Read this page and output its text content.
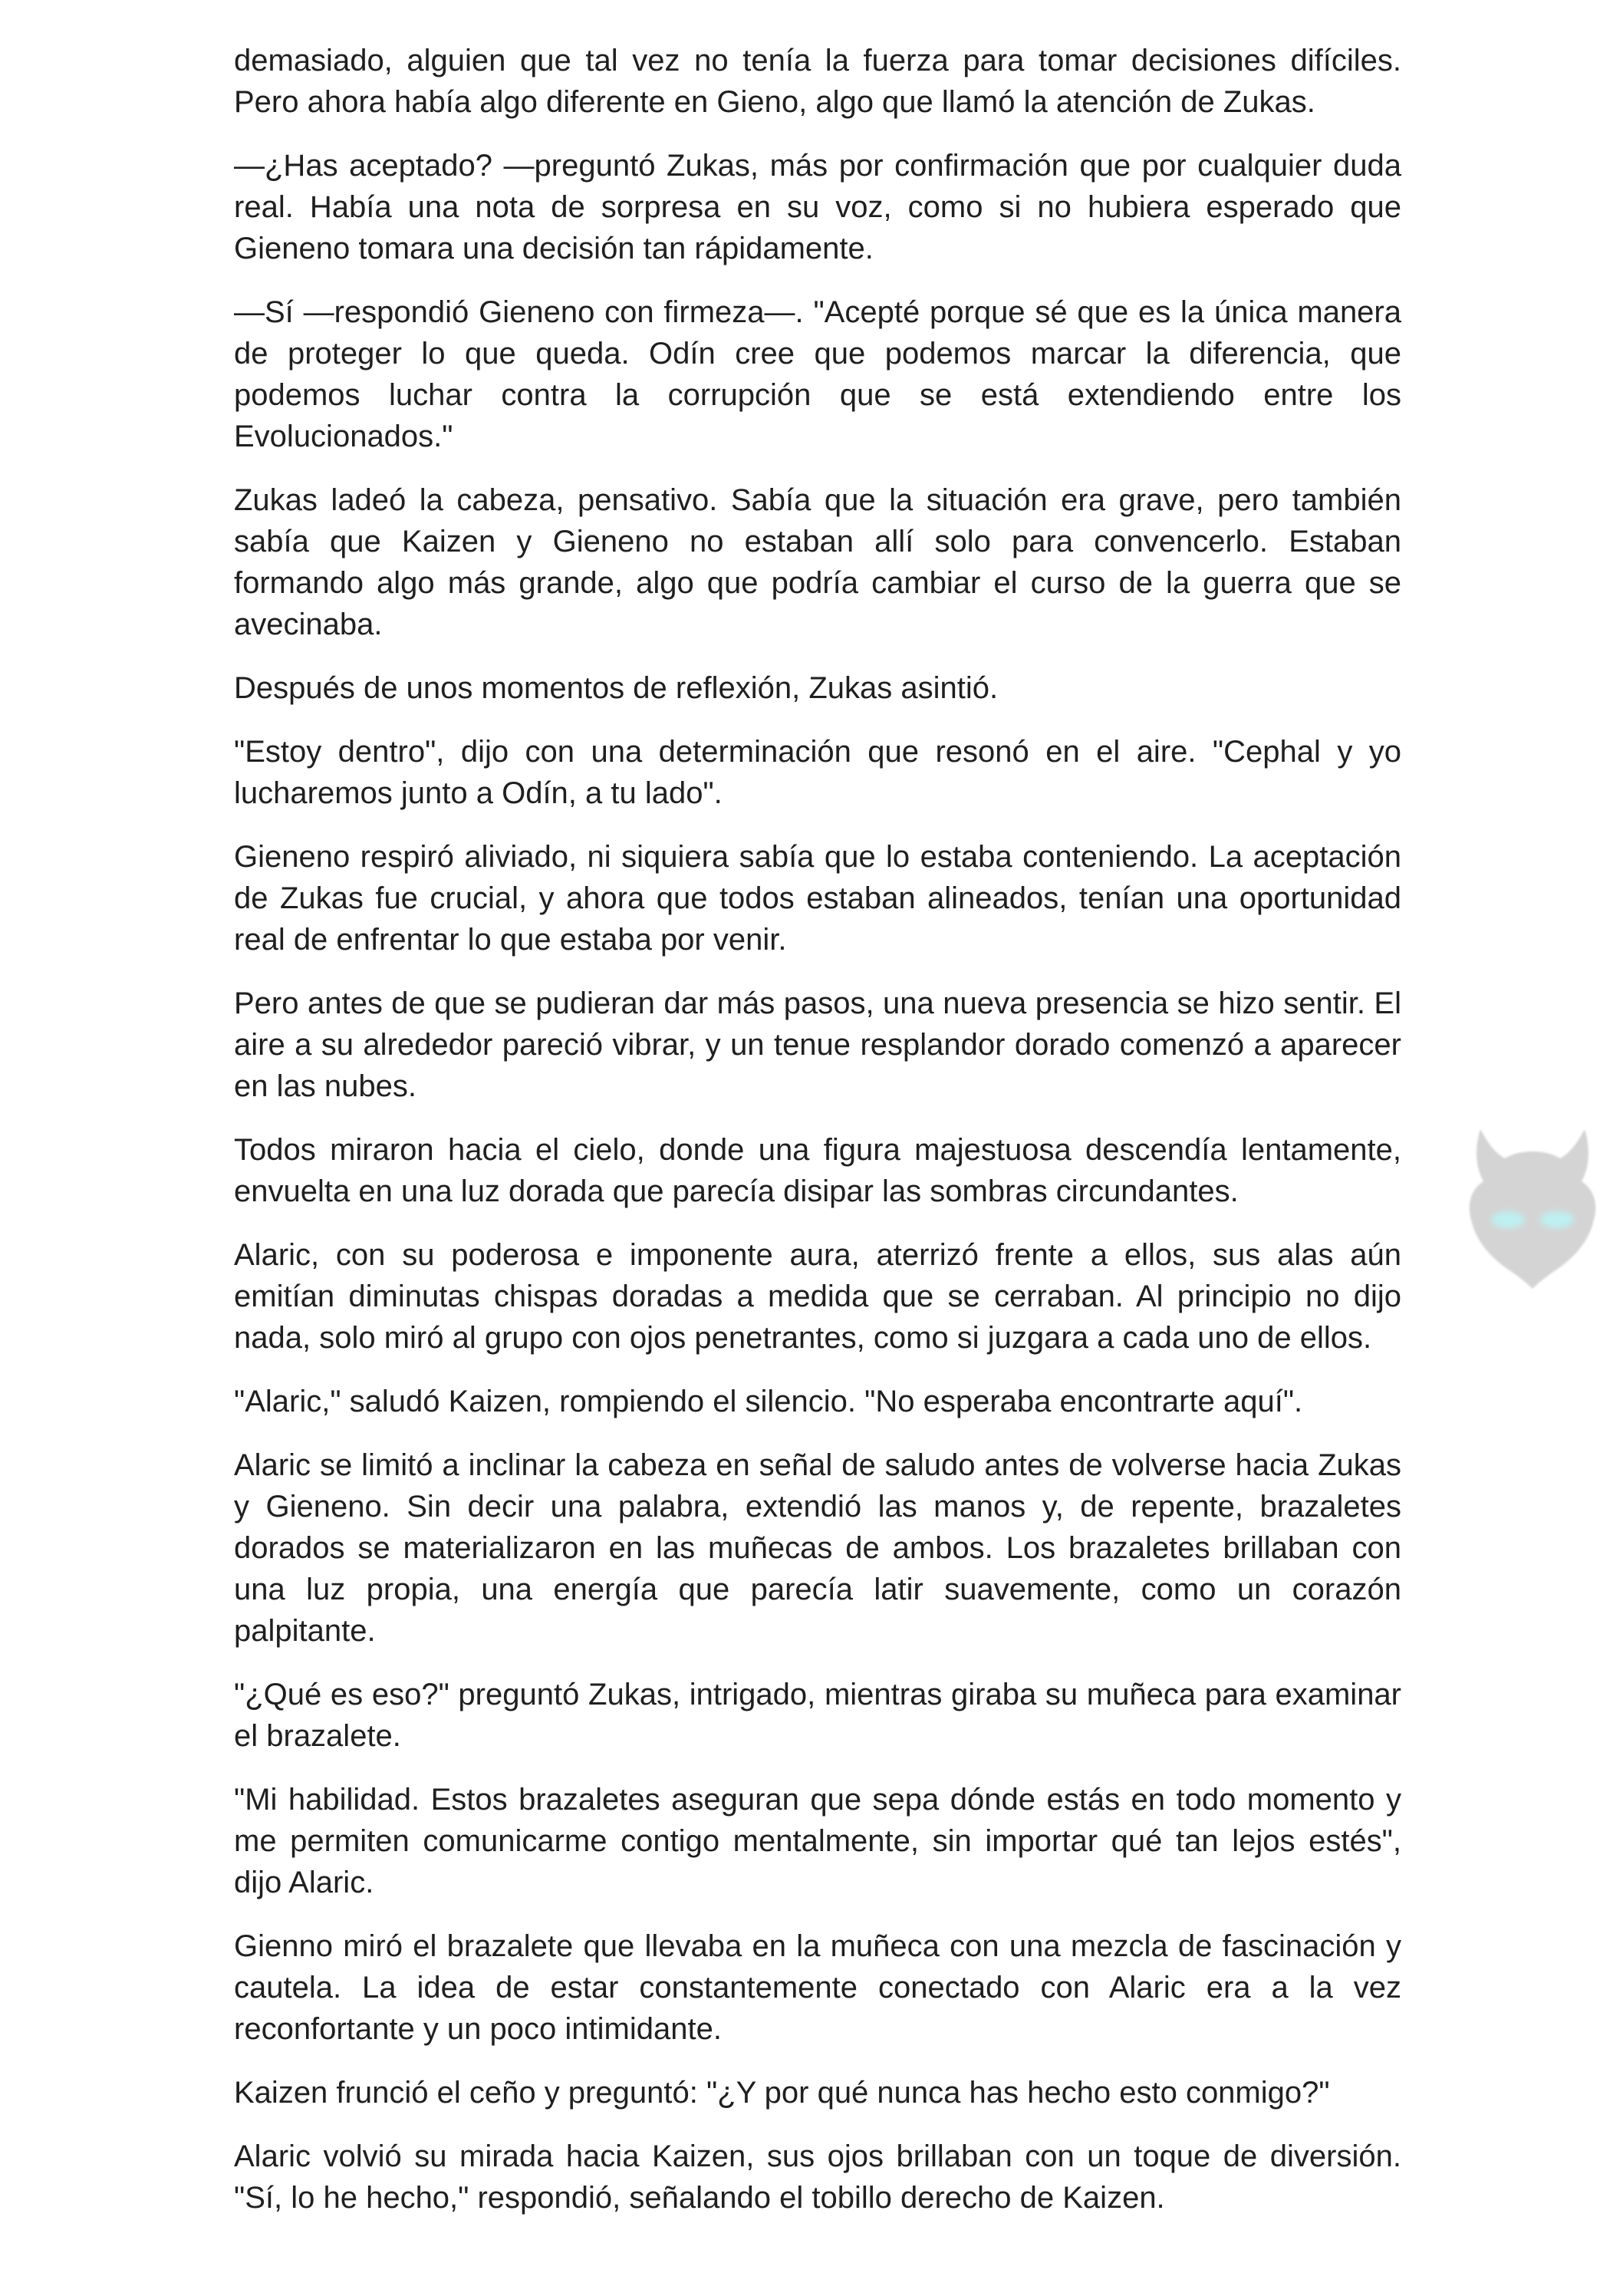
demasiado, alguien que tal vez no tenía la fuerza para tomar decisiones difíciles. Pero ahora había algo diferente en Gieno, algo que llamó la atención de Zukas.

—¿Has aceptado? —preguntó Zukas, más por confirmación que por cualquier duda real. Había una nota de sorpresa en su voz, como si no hubiera esperado que Gieneno tomara una decisión tan rápidamente.

—Sí —respondió Gieneno con firmeza—. "Acepté porque sé que es la única manera de proteger lo que queda. Odín cree que podemos marcar la diferencia, que podemos luchar contra la corrupción que se está extendiendo entre los Evolucionados."

Zukas ladeó la cabeza, pensativo. Sabía que la situación era grave, pero también sabía que Kaizen y Gieneno no estaban allí solo para convencerlo. Estaban formando algo más grande, algo que podría cambiar el curso de la guerra que se avecinaba.

Después de unos momentos de reflexión, Zukas asintió.

"Estoy dentro", dijo con una determinación que resonó en el aire. "Cephal y yo lucharemos junto a Odín, a tu lado".

Gieneno respiró aliviado, ni siquiera sabía que lo estaba conteniendo. La aceptación de Zukas fue crucial, y ahora que todos estaban alineados, tenían una oportunidad real de enfrentar lo que estaba por venir.

Pero antes de que se pudieran dar más pasos, una nueva presencia se hizo sentir. El aire a su alrededor pareció vibrar, y un tenue resplandor dorado comenzó a aparecer en las nubes.

Todos miraron hacia el cielo, donde una figura majestuosa descendía lentamente, envuelta en una luz dorada que parecía disipar las sombras circundantes.

Alaric, con su poderosa e imponente aura, aterrizó frente a ellos, sus alas aún emitían diminutas chispas doradas a medida que se cerraban. Al principio no dijo nada, solo miró al grupo con ojos penetrantes, como si juzgara a cada uno de ellos.

"Alaric," saludó Kaizen, rompiendo el silencio. "No esperaba encontrarte aquí".

Alaric se limitó a inclinar la cabeza en señal de saludo antes de volverse hacia Zukas y Gieneno. Sin decir una palabra, extendió las manos y, de repente, brazaletes dorados se materializaron en las muñecas de ambos. Los brazaletes brillaban con una luz propia, una energía que parecía latir suavemente, como un corazón palpitante.

"¿Qué es eso?" preguntó Zukas, intrigado, mientras giraba su muñeca para examinar el brazalete.

"Mi habilidad. Estos brazaletes aseguran que sepa dónde estás en todo momento y me permiten comunicarme contigo mentalmente, sin importar qué tan lejos estés", dijo Alaric.

Gienno miró el brazalete que llevaba en la muñeca con una mezcla de fascinación y cautela. La idea de estar constantemente conectado con Alaric era a la vez reconfortante y un poco intimidante.

Kaizen frunció el ceño y preguntó: "¿Y por qué nunca has hecho esto conmigo?"

Alaric volvió su mirada hacia Kaizen, sus ojos brillaban con un toque de diversión. "Sí, lo he hecho," respondió, señalando el tobillo derecho de Kaizen.
